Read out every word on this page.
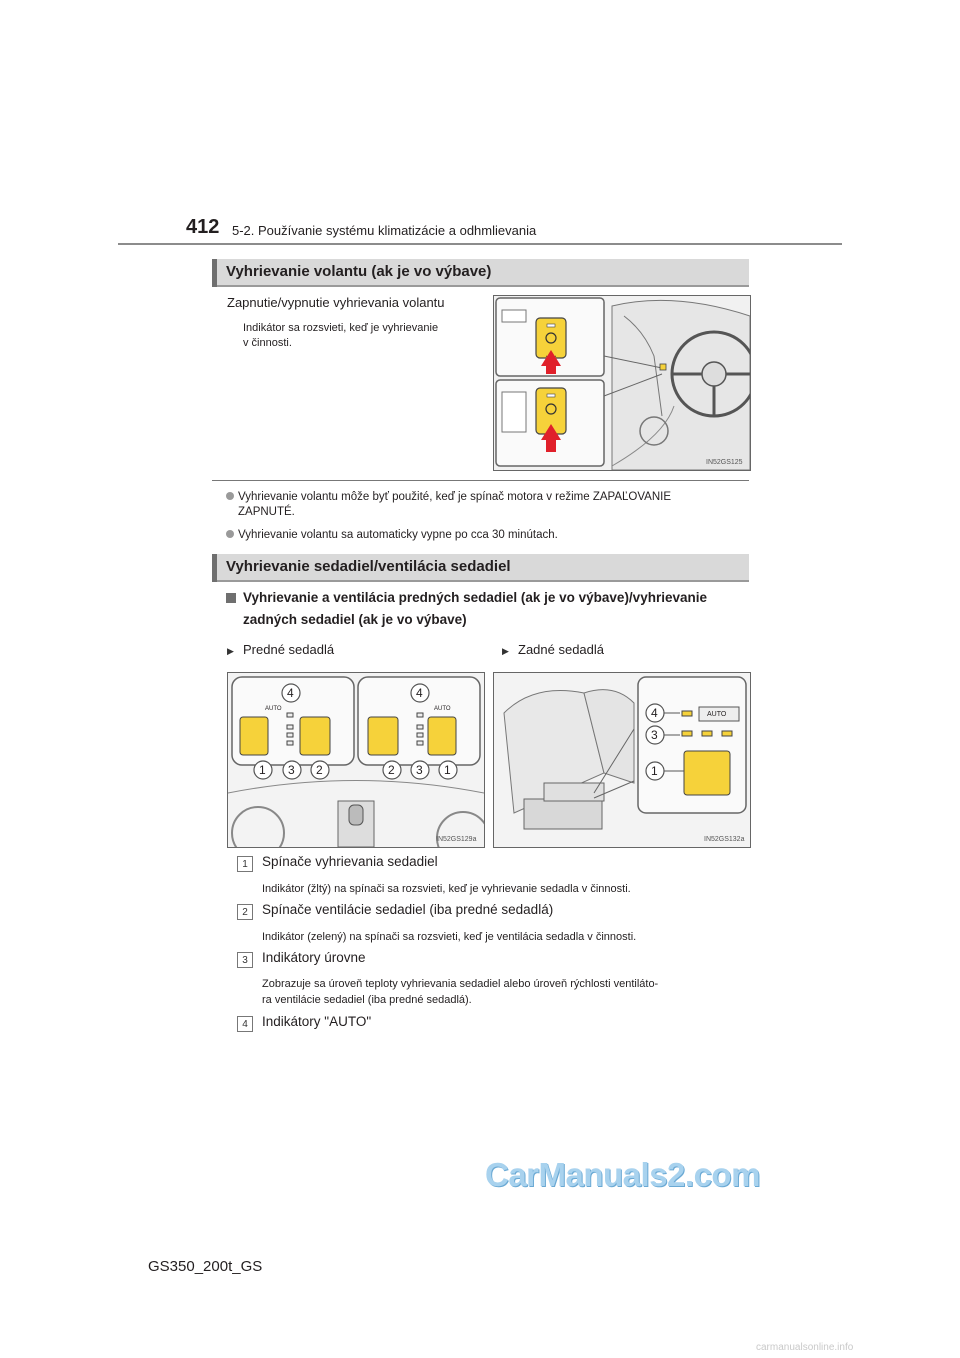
412 5-2. Používanie systému klimatizácie a odhmlievania
Vyhrievanie volantu (ak je vo výbave)
Zapnutie/vypnutie vyhrievania volantu
Indikátor sa rozsvieti, keď je vyhrievanie
v činnosti.
IN52GS125
Vyhrievanie volantu môže byť použité, keď je spínač motora v režime ZAPAĽOVANIE
ZAPNUTÉ.
Vyhrievanie volantu sa automaticky vypne po cca 30 minútach.
Vyhrievanie sedadiel/ventilácia sedadiel
Vyhrievanie a ventilácia predných sedadiel (ak je vo výbave)/vyhrievanie
zadných sedadiel (ak je vo výbave)
▶ Predné sedadlá	▶ Zadné sedadlá
AUTO	AUTO
4	4
1 3 2	2 3 1
IN52GS129a
AUTO
4
3
1
IN52GS132a
1	Spínače vyhrievania sedadiel
Indikátor (žltý) na spínači sa rozsvieti, keď je vyhrievanie sedadla v činnosti.
2	Spínače ventilácie sedadiel (iba predné sedadlá)
Indikátor (zelený) na spínači sa rozsvieti, keď je ventilácia sedadla v činnosti.
3	Indikátory úrovne
Zobrazuje sa úroveň teploty vyhrievania sedadiel alebo úroveň rýchlosti ventiláto-
ra ventilácie sedadiel (iba predné sedadlá).
4	Indikátory "AUTO"
CarManuals2.com
GS350_200t_GS
carmanualsonline.info
